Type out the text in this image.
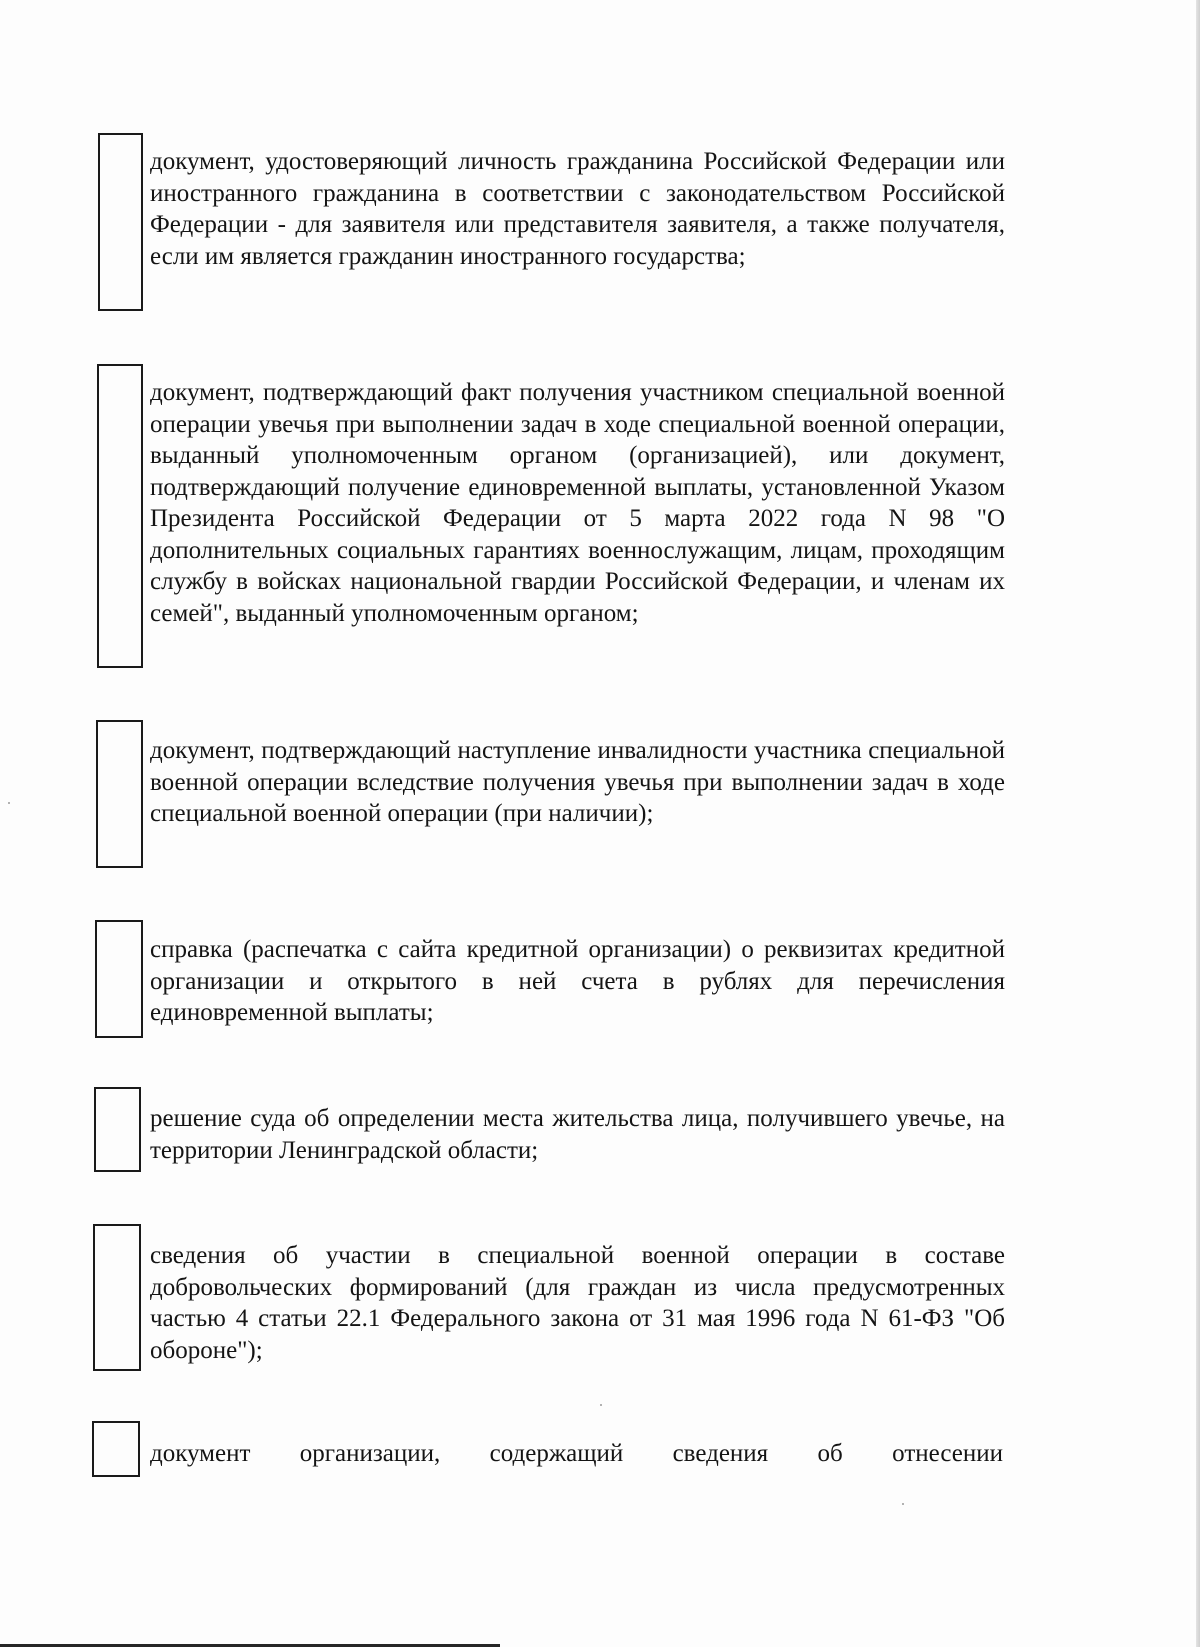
документ, удостоверяющий личность гражданина Российской Федерации или иностранного гражданина в соответствии с законодательством Российской Федерации - для заявителя или представителя заявителя, а также получателя, если им является гражданин иностранного государства;

документ, подтверждающий факт получения участником специальной военной операции увечья при выполнении задач в ходе специальной военной операции, выданный уполномоченным органом (организацией), или документ, подтверждающий получение единовременной выплаты, установленной Указом Президента Российской Федерации от 5 марта 2022 года N 98 "О дополнительных социальных гарантиях военнослужащим, лицам, проходящим службу в войсках национальной гвардии Российской Федерации, и членам их семей", выданный уполномоченным органом;

документ, подтверждающий наступление инвалидности участника специальной военной операции вследствие получения увечья при выполнении задач в ходе специальной военной операции (при наличии);

справка (распечатка с сайта кредитной организации) о реквизитах кредитной организации и открытого в ней счета в рублях для перечисления единовременной выплаты;

решение суда об определении места жительства лица, получившего увечье, на территории Ленинградской области;

сведения об участии в специальной военной операции в составе добровольческих формирований (для граждан из числа предусмотренных частью 4 статьи 22.1 Федерального закона от 31 мая 1996 года N 61-ФЗ "Об обороне");

документ организации, содержащий сведения об отнесении
